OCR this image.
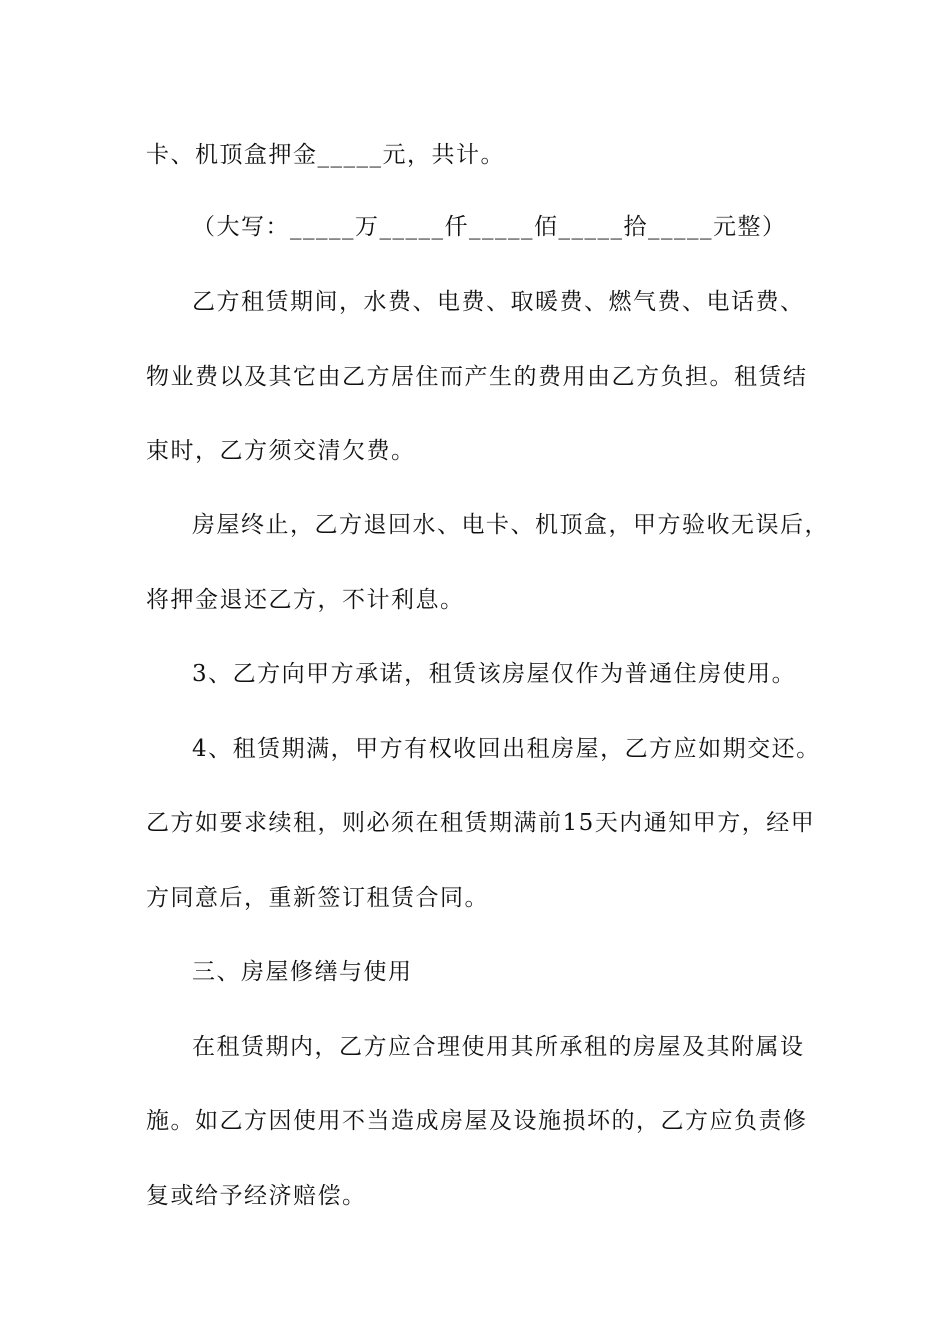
卡、机顶盒押金_____元，共计。
（大写：_____万_____仟_____佰_____拾_____元整）
乙方租赁期间，水费、电费、取暖费、燃气费、电话费、
物业费以及其它由乙方居住而产生的费用由乙方负担。租赁结
束时，乙方须交清欠费。
房屋终止，乙方退回水、电卡、机顶盒，甲方验收无误后，
将押金退还乙方，不计利息。
3、乙方向甲方承诺，租赁该房屋仅作为普通住房使用。
4、租赁期满，甲方有权收回出租房屋，乙方应如期交还。
乙方如要求续租，则必须在租赁期满前15天内通知甲方，经甲
方同意后，重新签订租赁合同。
三、房屋修缮与使用
在租赁期内，乙方应合理使用其所承租的房屋及其附属设
施。如乙方因使用不当造成房屋及设施损坏的，乙方应负责修
复或给予经济赔偿。
